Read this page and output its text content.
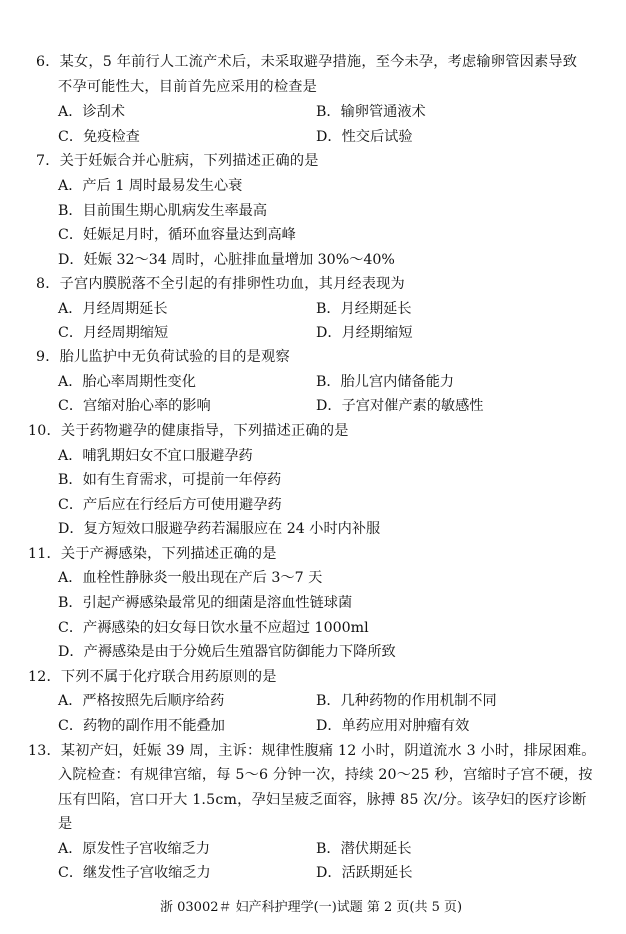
6．某女，5 年前行人工流产术后，未采取避孕措施，至今未孕，考虑输卵管因素导致
不孕可能性大，目前首先应采用的检查是
A．诊刮术	B．输卵管通液术
C．免疫检查	D．性交后试验
7．关于妊娠合并心脏病，下列描述正确的是
A．产后 1 周时最易发生心衰
B．目前围生期心肌病发生率最高
C．妊娠足月时，循环血容量达到高峰
D．妊娠 32～34 周时，心脏排血量增加 30%～40%
8．子宫内膜脱落不全引起的有排卵性功血，其月经表现为
A．月经周期延长	B．月经期延长
C．月经周期缩短	D．月经期缩短
9．胎儿监护中无负荷试验的目的是观察
A．胎心率周期性变化	B．胎儿宫内储备能力
C．宫缩对胎心率的影响	D．子宫对催产素的敏感性
10．关于药物避孕的健康指导，下列描述正确的是
A．哺乳期妇女不宜口服避孕药
B．如有生育需求，可提前一年停药
C．产后应在行经后方可使用避孕药
D．复方短效口服避孕药若漏服应在 24 小时内补服
11．关于产褥感染，下列描述正确的是
A．血栓性静脉炎一般出现在产后 3～7 天
B．引起产褥感染最常见的细菌是溶血性链球菌
C．产褥感染的妇女每日饮水量不应超过 1000ml
D．产褥感染是由于分娩后生殖器官防御能力下降所致
12．下列不属于化疗联合用药原则的是
A．严格按照先后顺序给药	B．几种药物的作用机制不同
C．药物的副作用不能叠加	D．单药应用对肿瘤有效
13．某初产妇，妊娠 39 周，主诉：规律性腹痛 12 小时，阴道流水 3 小时，排尿困难。
入院检查：有规律宫缩，每 5～6 分钟一次，持续 20～25 秒，宫缩时子宫不硬，按
压有凹陷，宫口开大 1.5cm，孕妇呈疲乏面容，脉搏 85 次/分。该孕妇的医疗诊断
是
A．原发性子宫收缩乏力	B．潜伏期延长
C．继发性子宫收缩乏力	D．活跃期延长
浙 03002＃ 妇产科护理学(一)试题 第 2 页(共 5 页)
